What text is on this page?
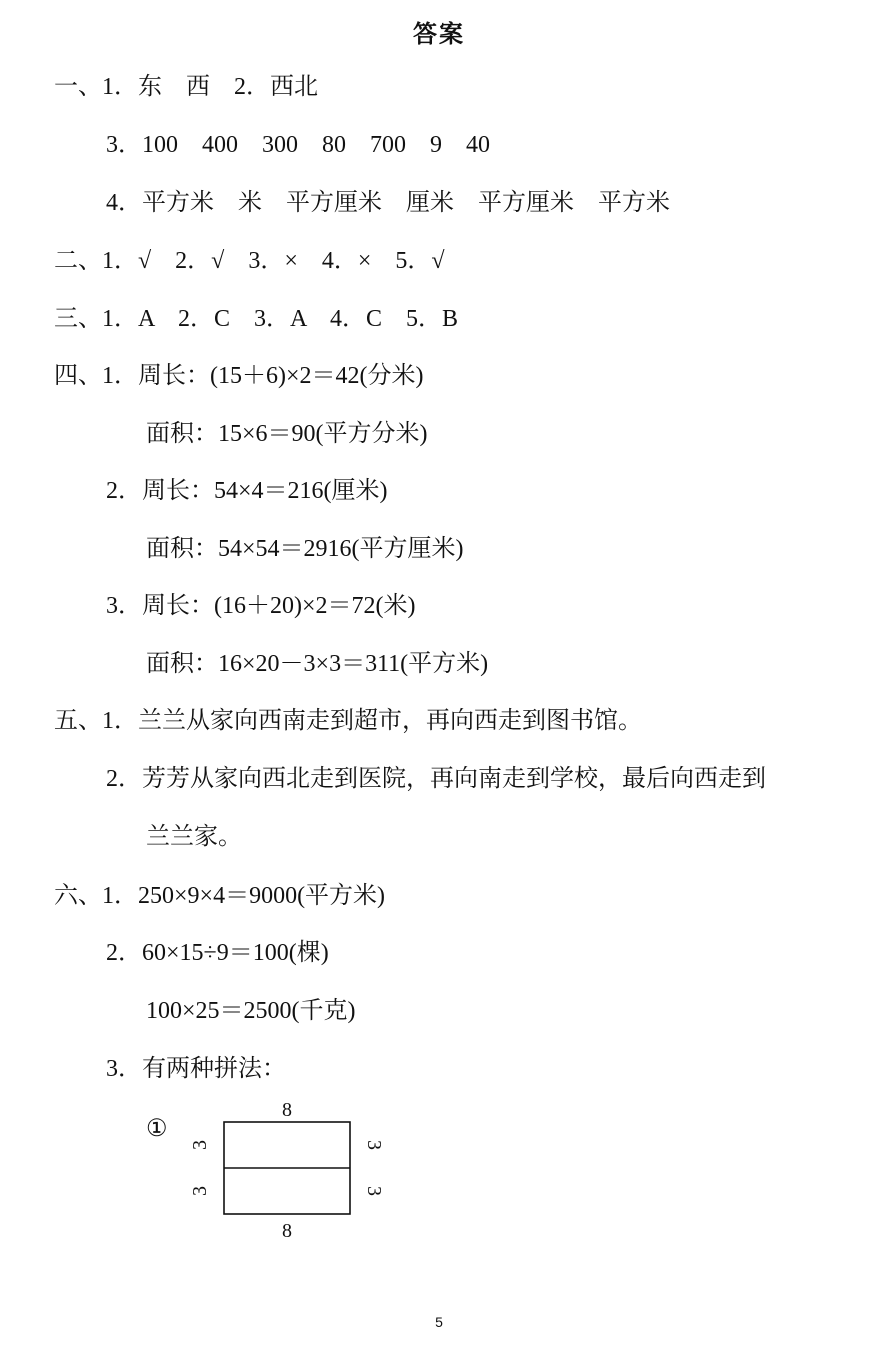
答案
一、1．东　西　2．西北
3．100　400　300　80　700　9　40
4．平方米　米　平方厘米　厘米　平方厘米　平方米
二、1．√　2．√　3．×　4．×　5．√
三、1．A　2．C　3．A　4．C　5．B
四、1．周长：(15＋6)×2＝42(分米)
面积：15×6＝90(平方分米)
2．周长：54×4＝216(厘米)
面积：54×54＝2916(平方厘米)
3．周长：(16＋20)×2＝72(米)
面积：16×20－3×3＝311(平方米)
五、1．兰兰从家向西南走到超市，再向西走到图书馆。
2．芳芳从家向西北走到医院，再向南走到学校，最后向西走到
兰兰家。
六、1．250×9×4＝9000(平方米)
2．60×15÷9＝100(棵)
100×25＝2500(千克)
3．有两种拼法：
①
8
8
3
3
3
3
5
